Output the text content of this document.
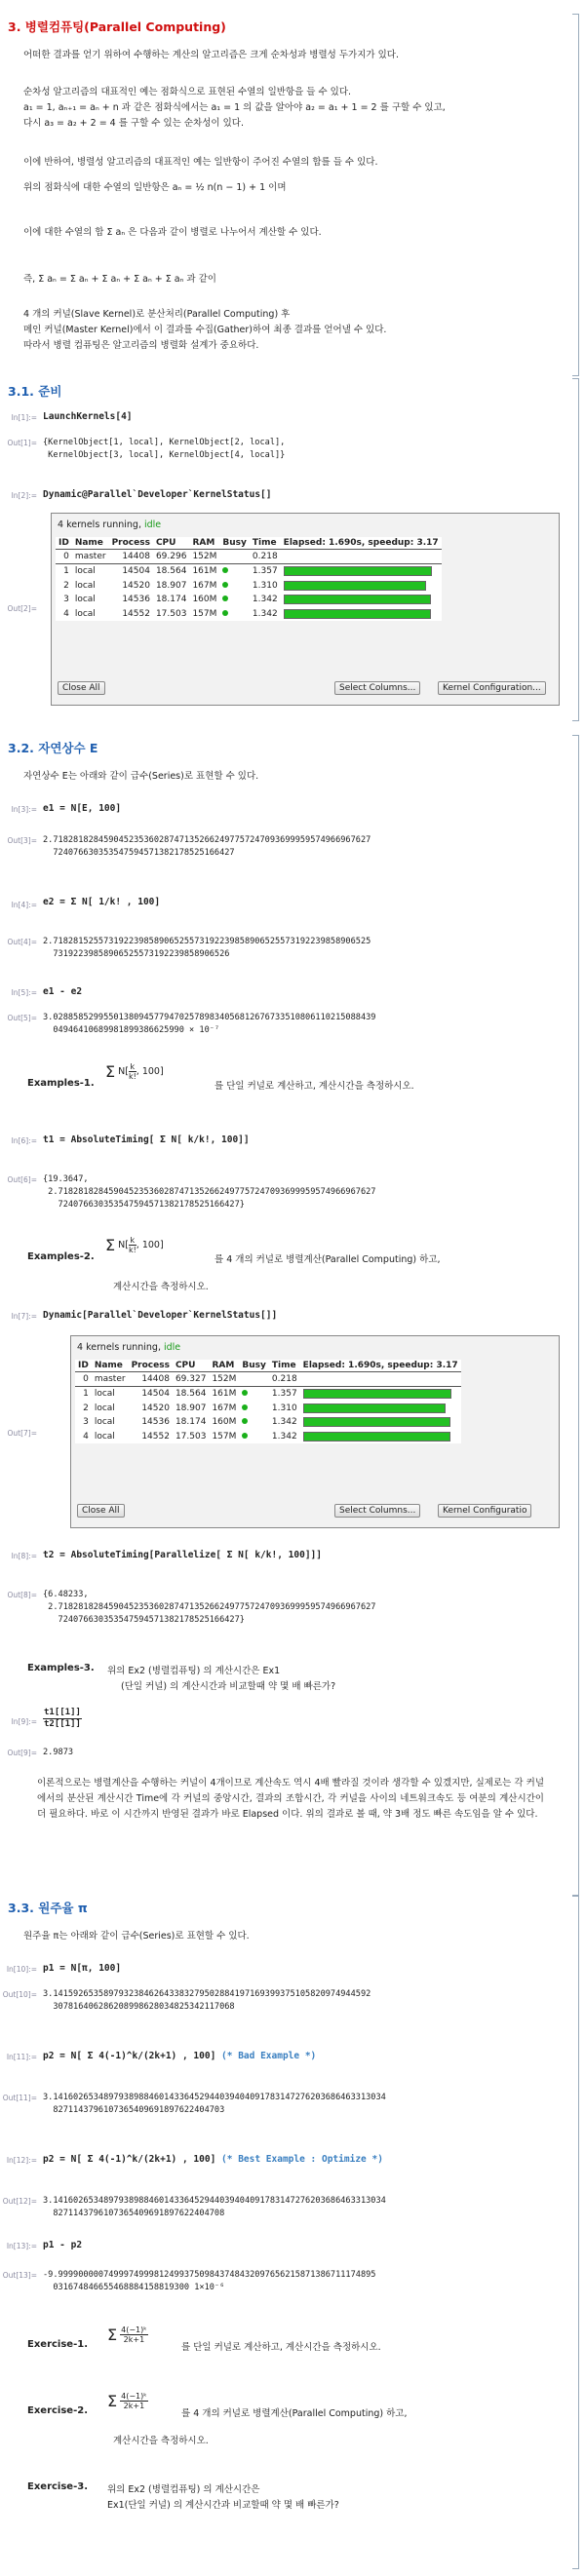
3. 병렬컴퓨팅(Parallel Computing)
어떠한 결과를 얻기 위하여 수행하는 계산의 알고리즘은 크게 순차성과 병렬성 두가지가 있다.
순차성 알고리즘의 대표적인 예는 점화식으로 표현된 수열의 일반항을 들 수 있다.
a₁ = 1, aₙ₊₁ = aₙ + n 과 같은 점화식에서는 a₁ = 1 의 값을 알아야 a₂ = a₁ + 1 = 2 를 구할 수 있고,
다시 a₃ = a₂ + 2 = 4 를 구할 수 있는 순차성이 있다.
이에 반하여, 병렬성 알고리즘의 대표적인 예는 일반항이 주어진 수열의 합를 들 수 있다.
위의 점화식에 대한 수열의 일반항은 aₙ = ½ n(n − 1) + 1 이며
이에 대한 수열의 합 Σ aₙ 은 다음과 같이 병렬로 나누어서 계산할 수 있다.
즉, Σ aₙ = Σ aₙ + Σ aₙ + Σ aₙ + Σ aₙ 과 같이
4 개의 커널(Slave Kernel)로 분산처리(Parallel Computing) 후
메인 커널(Master Kernel)에서 이 결과를 수집(Gather)하여 최종 결과를 얻어낼 수 있다.
따라서 병렬 컴퓨팅은 알고리즘의 병렬화 설계가 중요하다.
3.1. 준비
In[1]:= LaunchKernels[4]
Out[1]= {KernelObject[1, local], KernelObject[2, local],
KernelObject[3, local], KernelObject[4, local]}
In[2]:= Dynamic@Parallel`Developer`KernelStatus[]
Out[2]=
4 kernels running, idle
ID	Name	Process	CPU	RAM	Busy	Time	Elapsed: 1.690s, speedup: 3.17
0	master	14408	69.296	152M		0.218	
1	local	14504	18.564	161M		1.357	
2	local	14520	18.907	167M		1.310	
3	local	14536	18.174	160M		1.342	
4	local	14552	17.503	157M		1.342	
Close All	Select Columns...	Kernel Configuration...
3.2. 자연상수 E
자연상수 E는 아래와 같이 급수(Series)로 표현할 수 있다.
In[3]:= e1 = N[E, 100]
Out[3]= 2.718281828459045235360287471352662497757247093699959574966967627
724076630353547594571382178525166427
In[4]:= e2 = Σ N[ 1/k! , 100]
Out[4]= 2.718281525573192239858906525573192239858906525573192239858906525
73192239858906525573192239858906526
In[5]:= e1 - e2
Out[5]= 3.0288585299550138094577947025789834056812676733510806110215088439
04946410689981899386625990 × 10⁻⁷
Examples-1.
Σ $N[ \frac{k}{k!}$, 100]
를 단일 커널로 계산하고, 계산시간을 측정하시오.
In[6]:= t1 = AbsoluteTiming[ Σ N[ k/k!, 100]]
Out[6]= {19.3647,
2.718281828459045235360287471352662497757247093699959574966967627
724076630353547594571382178525166427}
Examples-2.
Σ $N[ \frac{k}{k!}$, 100]
를 4 개의 커널로 병렬계산(Parallel Computing) 하고,
계산시간을 측정하시오.
In[7]:= Dynamic[Parallel`Developer`KernelStatus[]]
Out[7]=
4 kernels running, idle
ID	Name	Process	CPU	RAM	Busy	Time	Elapsed: 1.690s, speedup: 3.17
0	master	14408	69.327	152M		0.218	
1	local	14504	18.564	161M		1.357	
2	local	14520	18.907	167M		1.310	
3	local	14536	18.174	160M		1.342	
4	local	14552	17.503	157M		1.342	
Close All	Select Columns...	Kernel Configuratio
In[8]:= t2 = AbsoluteTiming[Parallelize[ Σ N[ k/k!, 100]]]
Out[8]= {6.48233,
2.718281828459045235360287471352662497757247093699959574966967627
724076630353547594571382178525166427}
Examples-3. 위의 Ex2 (병렬컴퓨팅) 의 계산시간은 Ex1
(단일 커널) 의 계산시간과 비교할때 약 몇 배 빠른가?
In[9]:= $\frac{t1[[1]]}{t2[[1]]}$
Out[9]= 2.9873
이론적으로는 병렬계산을 수행하는 커널이 4개이므로 계산속도 역시 4배 빨라질 것이라 생각할 수 있겠지만, 실제로는 각 커널 에서의 분산된 계산시간 Time에 각 커널의 중앙시간, 결과의 조합시간, 각 커널을 사이의 네트워크속도 등 여분의 계산시간이 더 필요하다. 바로 이 시간까지 반영된 결과가 바로 Elapsed 이다. 위의 결과로 볼 때, 약 3배 정도 빠른 속도임을 알 수 있다.
3.3. 원주율 π
원주율 π는 아래와 같이 급수(Series)로 표현할 수 있다.
In[10]:= p1 = N[π, 100]
Out[10]= 3.141592653589793238462643383279502884197169399375105820974944592
307816406286208998628034825342117068
In[11]:= p2 = N[ Σ 4(-1)^k/(2k+1) , 100] (* Bad Example *)
Out[11]= 3.141602653489793898846014336452944039404091783147276203686463313034
8271143796107365409691897622404703
In[12]:= p2 = N[ Σ 4(-1)^k/(2k+1) , 100] (* Best Example : Optimize *)
Out[12]= 3.141602653489793898846014336452944039404091783147276203686463313034
8271143796107365409691897622404708
In[13]:= p1 - p2
Out[13]= -9.999900000749997499981249937509843748432097656215871386711174895
031674846655468884158819300 1×10⁻⁶
Exercise-1.
Σ $\frac{\text{4(−1)ᵏ}}{2k+1}$
를 단일 커널로 계산하고, 계산시간을 측정하시오.
Exercise-2.
Σ $\frac{\text{4(−1)ᵏ}}{2k+1}$
를 4 개의 커널로 병렬계산(Parallel Computing) 하고,
계산시간을 측정하시오.
Exercise-3. 위의 Ex2 (병렬컴퓨팅) 의 계산시간은
Ex1(단일 커널) 의 계산시간과 비교할때 약 몇 배 빠른가?
